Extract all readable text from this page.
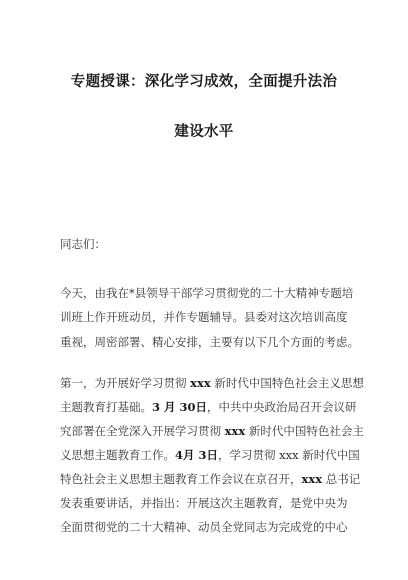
专题授课：深化学习成效，全面提升法治
建设水平
同志们：
今天，由我在*县领导干部学习贯彻党的二十大精神专题培
训班上作开班动员，并作专题辅导。县委对这次培训高度
重视，周密部署、精心安排，主要有以下几个方面的考虑。
第一，为开展好学习贯彻 xxx 新时代中国特色社会主义思想
主题教育打基础。3 月 30日，中共中央政治局召开会议研
究部署在全党深入开展学习贯彻 xxx 新时代中国特色社会主
义思想主题教育工作。4月 3日，学习贯彻 xxx 新时代中国
特色社会主义思想主题教育工作会议在京召开，xxx 总书记
发表重要讲话，并指出：开展这次主题教育，是党中央为
全面贯彻党的二十大精神、动员全党同志为完成党的中心
